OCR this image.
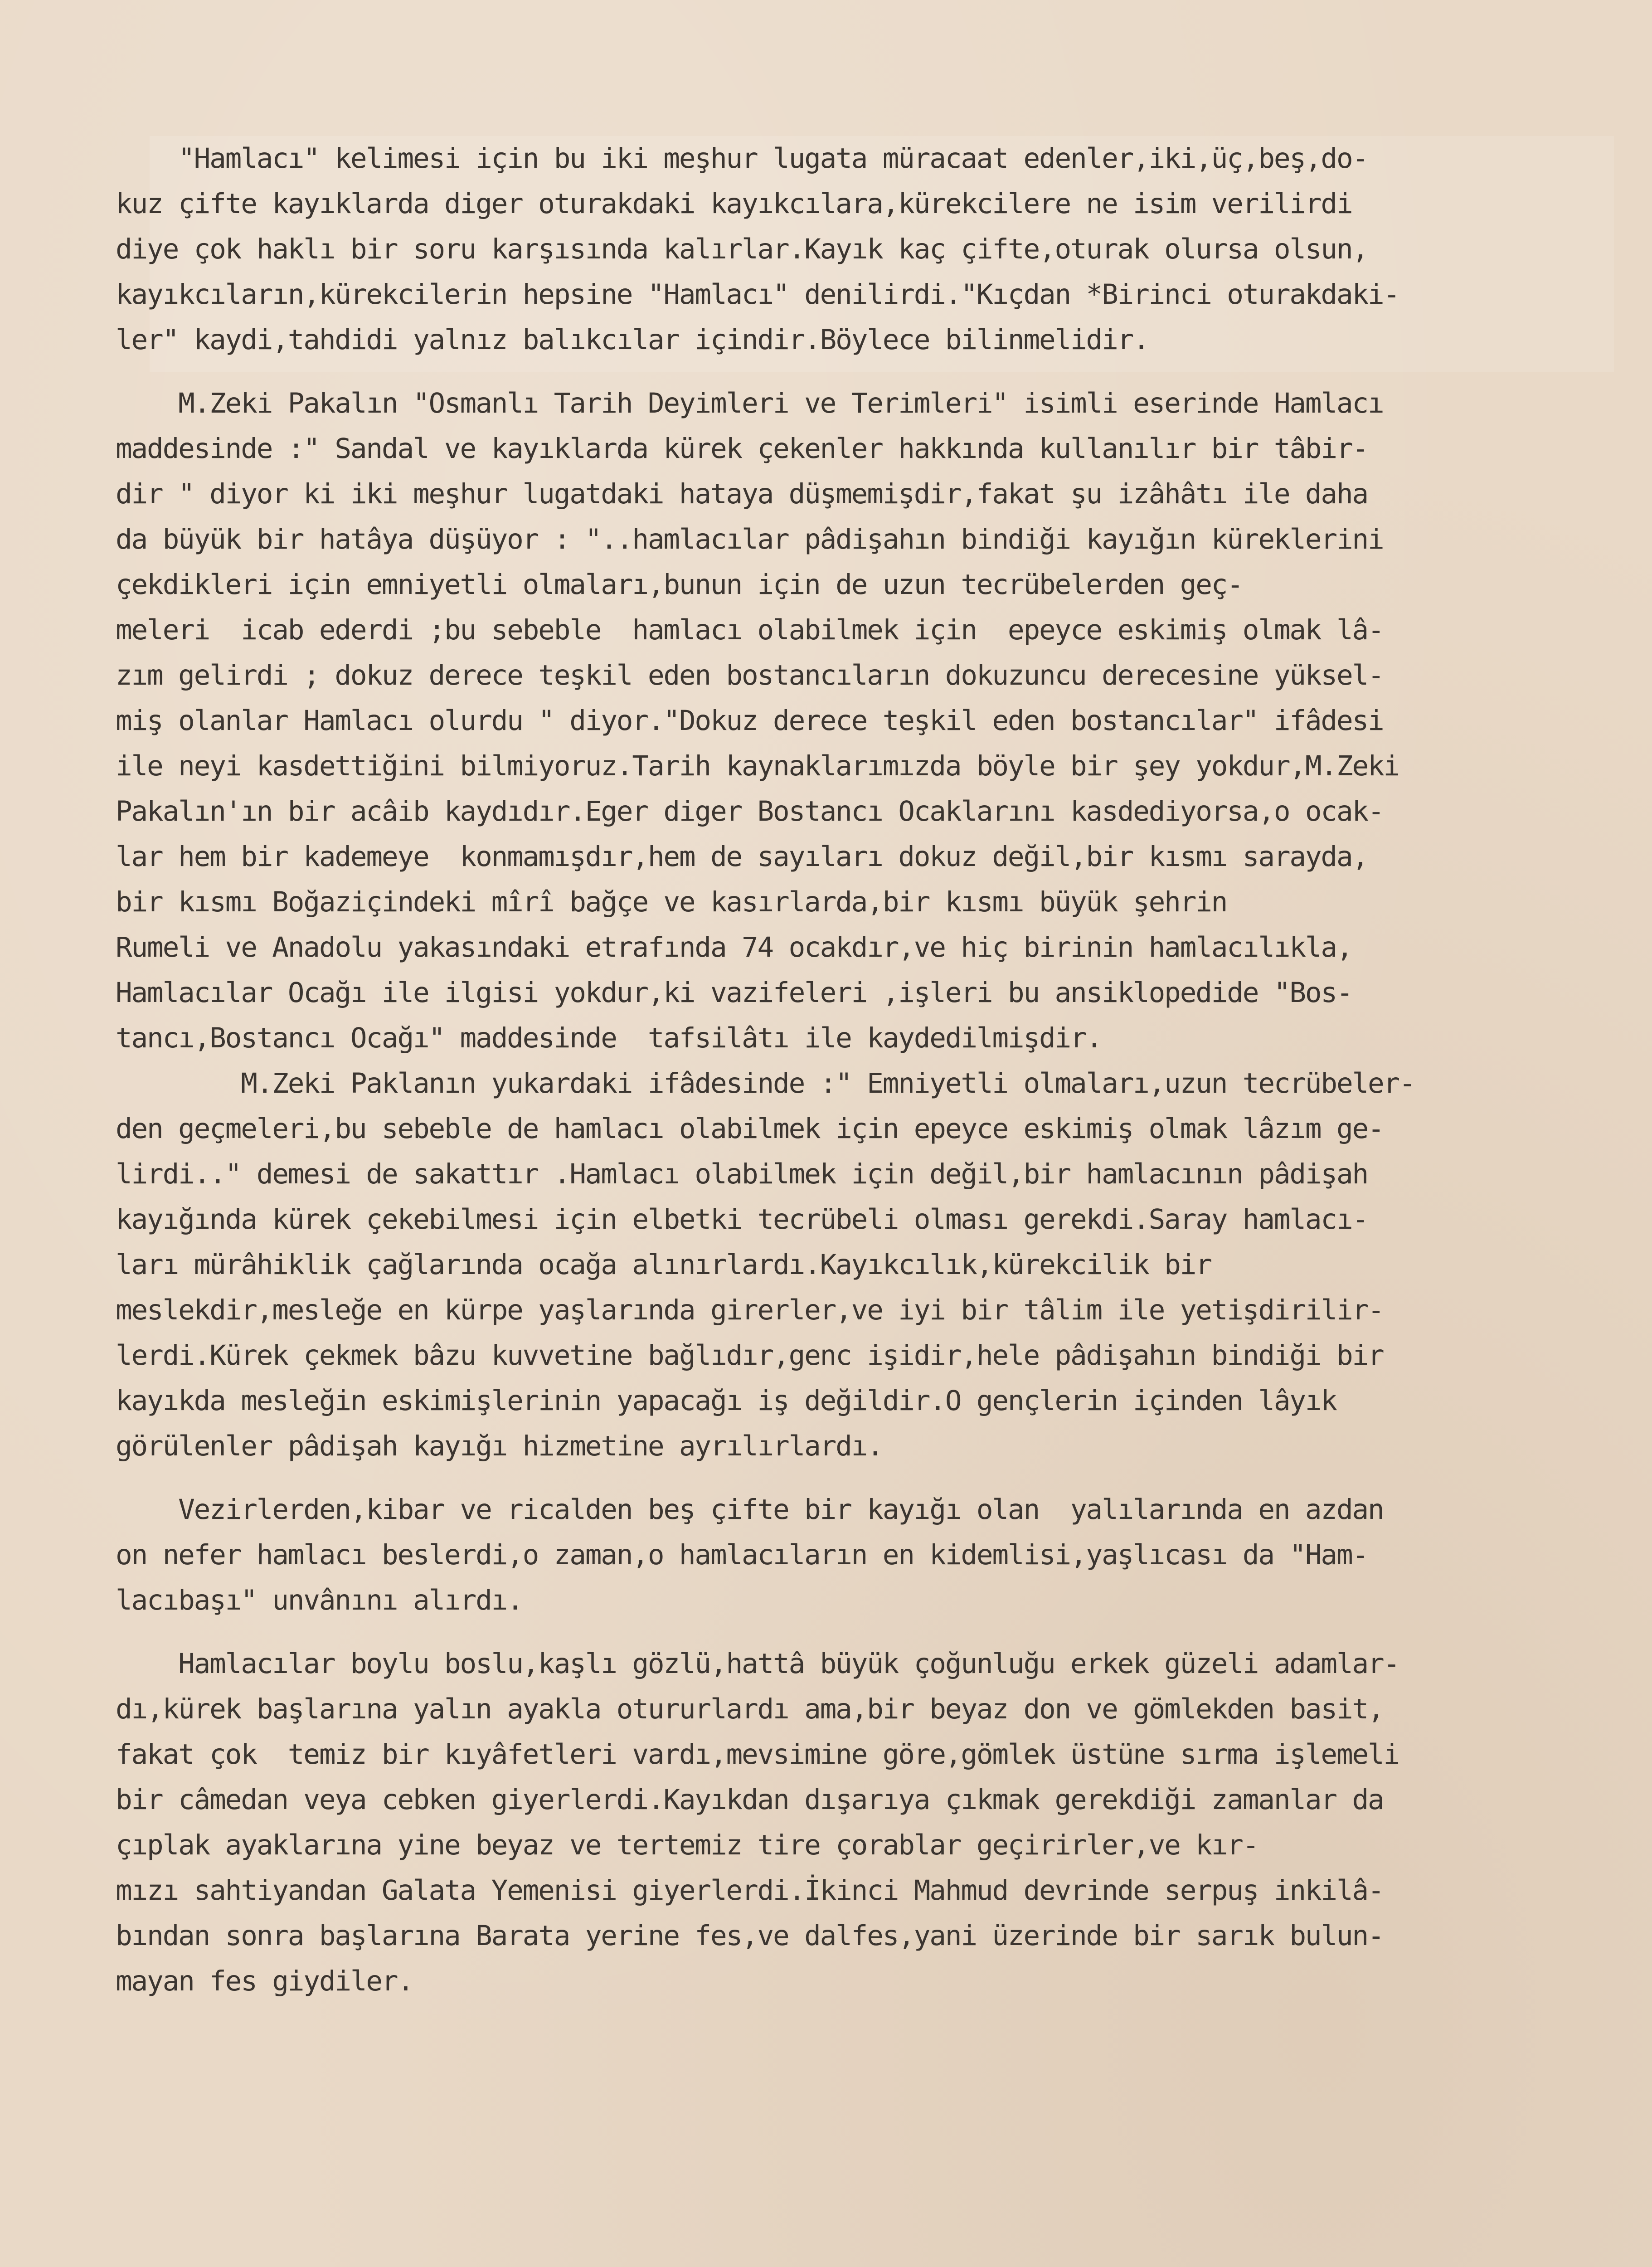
"Hamlacı" kelimesi için bu iki meşhur lugata müracaat edenler,iki,üç,beş,do-
kuz çifte kayıklarda diger oturakdaki kayıkcılara,kürekcilere ne isim verilirdi
diye çok haklı bir soru karşısında kalırlar.Kayık kaç çifte,oturak olursa olsun,
kayıkcıların,kürekcilerin hepsine "Hamlacı" denilirdi."Kıçdan *Birinci oturakdaki-
ler" kaydi,tahdidi yalnız balıkcılar içindir.Böylece bilinmelidir.
M.Zeki Pakalın "Osmanlı Tarih Deyimleri ve Terimleri" isimli eserinde Hamlacı
maddesinde :" Sandal ve kayıklarda kürek çekenler hakkında kullanılır bir tâbir-
dir " diyor ki iki meşhur lugatdaki hataya düşmemişdir,fakat şu izâhâtı ile daha
da büyük bir hatâya düşüyor : "..hamlacılar pâdişahın bindiği kayığın küreklerini
çekdikleri için emniyetli olmaları,bunun için de uzun tecrübelerden geç-
meleri  icab ederdi ;bu sebeble  hamlacı olabilmek için  epeyce eskimiş olmak lâ-
zım gelirdi ; dokuz derece teşkil eden bostancıların dokuzuncu derecesine yüksel-
miş olanlar Hamlacı olurdu " diyor."Dokuz derece teşkil eden bostancılar" ifâdesi
ile neyi kasdettiğini bilmiyoruz.Tarih kaynaklarımızda böyle bir şey yokdur,M.Zeki
Pakalın'ın bir acâib kaydıdır.Eger diger Bostancı Ocaklarını kasdediyorsa,o ocak-
lar hem bir kademeye  konmamışdır,hem de sayıları dokuz değil,bir kısmı sarayda,
bir kısmı Boğaziçindeki mîrî bağçe ve kasırlarda,bir kısmı büyük şehrin
Rumeli ve Anadolu yakasındaki etrafında 74 ocakdır,ve hiç birinin hamlacılıkla,
Hamlacılar Ocağı ile ilgisi yokdur,ki vazifeleri ,işleri bu ansiklopedide "Bos-
tancı,Bostancı Ocağı" maddesinde  tafsilâtı ile kaydedilmişdir.
M.Zeki Paklanın yukardaki ifâdesinde :" Emniyetli olmaları,uzun tecrübeler-
den geçmeleri,bu sebeble de hamlacı olabilmek için epeyce eskimiş olmak lâzım ge-
lirdi.." demesi de sakattır .Hamlacı olabilmek için değil,bir hamlacının pâdişah
kayığında kürek çekebilmesi için elbetki tecrübeli olması gerekdi.Saray hamlacı-
ları mürâhiklik çağlarında ocağa alınırlardı.Kayıkcılık,kürekcilik bir
meslekdir,mesleğe en kürpe yaşlarında girerler,ve iyi bir tâlim ile yetişdirilir-
lerdi.Kürek çekmek bâzu kuvvetine bağlıdır,genc işidir,hele pâdişahın bindiği bir
kayıkda mesleğin eskimişlerinin yapacağı iş değildir.O gençlerin içinden lâyık
görülenler pâdişah kayığı hizmetine ayrılırlardı.
Vezirlerden,kibar ve ricalden beş çifte bir kayığı olan  yalılarında en azdan
on nefer hamlacı beslerdi,o zaman,o hamlacıların en kidemlisi,yaşlıcası da "Ham-
lacıbaşı" unvânını alırdı.
Hamlacılar boylu boslu,kaşlı gözlü,hattâ büyük çoğunluğu erkek güzeli adamlar-
dı,kürek başlarına yalın ayakla otururlardı ama,bir beyaz don ve gömlekden basit,
fakat çok  temiz bir kıyâfetleri vardı,mevsimine göre,gömlek üstüne sırma işlemeli
bir câmedan veya cebken giyerlerdi.Kayıkdan dışarıya çıkmak gerekdiği zamanlar da
çıplak ayaklarına yine beyaz ve tertemiz tire çorablar geçirirler,ve kır-
mızı sahtiyandan Galata Yemenisi giyerlerdi.İkinci Mahmud devrinde serpuş inkilâ-
bından sonra başlarına Barata yerine fes,ve dalfes,yani üzerinde bir sarık bulun-
mayan fes giydiler.
